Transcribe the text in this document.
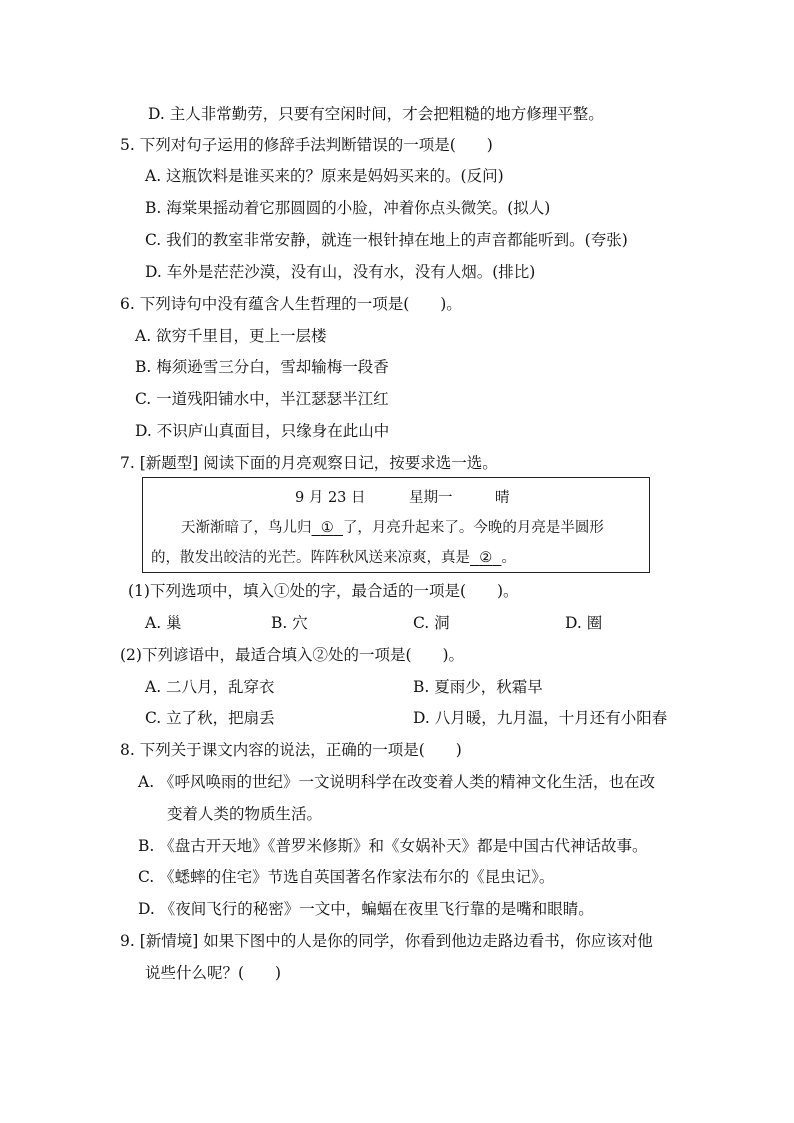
D. 主人非常勤劳，只要有空闲时间，才会把粗糙的地方修理平整。
5. 下列对句子运用的修辞手法判断错误的一项是(　　)
A. 这瓶饮料是谁买来的？原来是妈妈买来的。(反问)
B. 海棠果摇动着它那圆圆的小脸，冲着你点头微笑。(拟人)
C. 我们的教室非常安静，就连一根针掉在地上的声音都能听到。(夸张)
D. 车外是茫茫沙漠，没有山，没有水，没有人烟。(排比)
6. 下列诗句中没有蕴含人生哲理的一项是(　　)。
A. 欲穷千里目，更上一层楼
B. 梅须逊雪三分白，雪却输梅一段香
C. 一道残阳铺水中，半江瑟瑟半江红
D. 不识庐山真面目，只缘身在此山中
7. [新题型] 阅读下面的月亮观察日记，按要求选一选。
9 月 23 日	星期一	晴
天渐渐暗了，鸟儿归 ① 了，月亮升起来了。今晚的月亮是半圆形
的，散发出皎洁的光芒。阵阵秋风送来凉爽，真是 ② 。
(1)下列选项中，填入①处的字，最合适的一项是(　　)。
A. 巢	B. 穴	C. 洞	D. 圈
(2)下列谚语中，最适合填入②处的一项是(　　)。
A. 二八月，乱穿衣	B. 夏雨少，秋霜早
C. 立了秋，把扇丢	D. 八月暖，九月温，十月还有小阳春
8. 下列关于课文内容的说法，正确的一项是(　　)
A. 《呼风唤雨的世纪》一文说明科学在改变着人类的精神文化生活，也在改
变着人类的物质生活。
B. 《盘古开天地》《普罗米修斯》和《女娲补天》都是中国古代神话故事。
C. 《蟋蟀的住宅》节选自英国著名作家法布尔的《昆虫记》。
D. 《夜间飞行的秘密》一文中，蝙蝠在夜里飞行靠的是嘴和眼睛。
9. [新情境] 如果下图中的人是你的同学，你看到他边走路边看书，你应该对他
说些什么呢？(　　)
